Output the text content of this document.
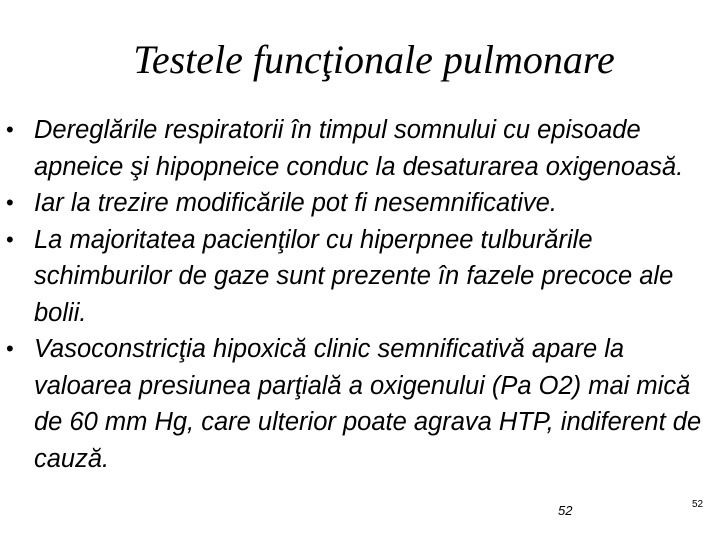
Testele funcţionale pulmonare
• Dereglările respiratorii în timpul somnului cu episoade apneice şi hipopneice conduc la desaturarea oxigenoasă.
• Iar la trezire modificările pot fi nesemnificative.
• La majoritatea pacienţilor cu hiperpnee tulburările schimburilor de gaze sunt prezente în fazele precoce ale bolii.
• Vasoconstricţia hipoxică clinic semnificativă apare la valoarea presiunea parţială a oxigenului (Pa O2) mai mică de 60 mm Hg, care ulterior poate agrava HTP, indiferent de cauză.
52	52
